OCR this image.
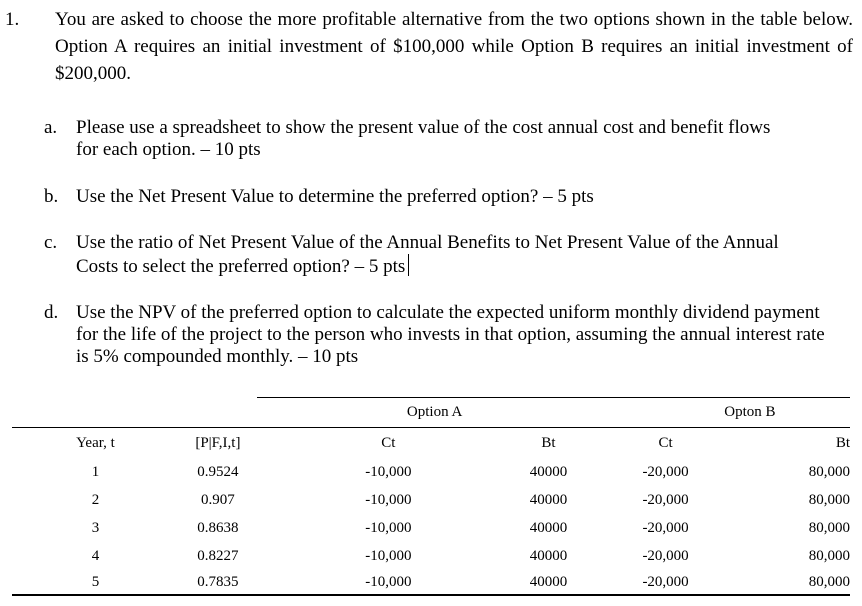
1. You are asked to choose the more profitable alternative from the two options shown in the table below. Option A requires an initial investment of $100,000 while Option B requires an initial investment of $200,000.
a. Please use a spreadsheet to show the present value of the cost annual cost and benefit flows for each option. – 10 pts
b. Use the Net Present Value to determine the preferred option? – 5 pts
c. Use the ratio of Net Present Value of the Annual Benefits to Net Present Value of the Annual Costs to select the preferred option? – 5 pts
d. Use the NPV of the preferred option to calculate the expected uniform monthly dividend payment for the life of the project to the person who invests in that option, assuming the annual interest rate is 5% compounded monthly. – 10 pts
		Option A		Opton B	
Year, t	[P|F,I,t]	Ct	Bt	Ct	Bt
1	0.9524	-10,000	40000	-20,000	80,000
2	0.907	-10,000	40000	-20,000	80,000
3	0.8638	-10,000	40000	-20,000	80,000
4	0.8227	-10,000	40000	-20,000	80,000
5	0.7835	-10,000	40000	-20,000	80,000
